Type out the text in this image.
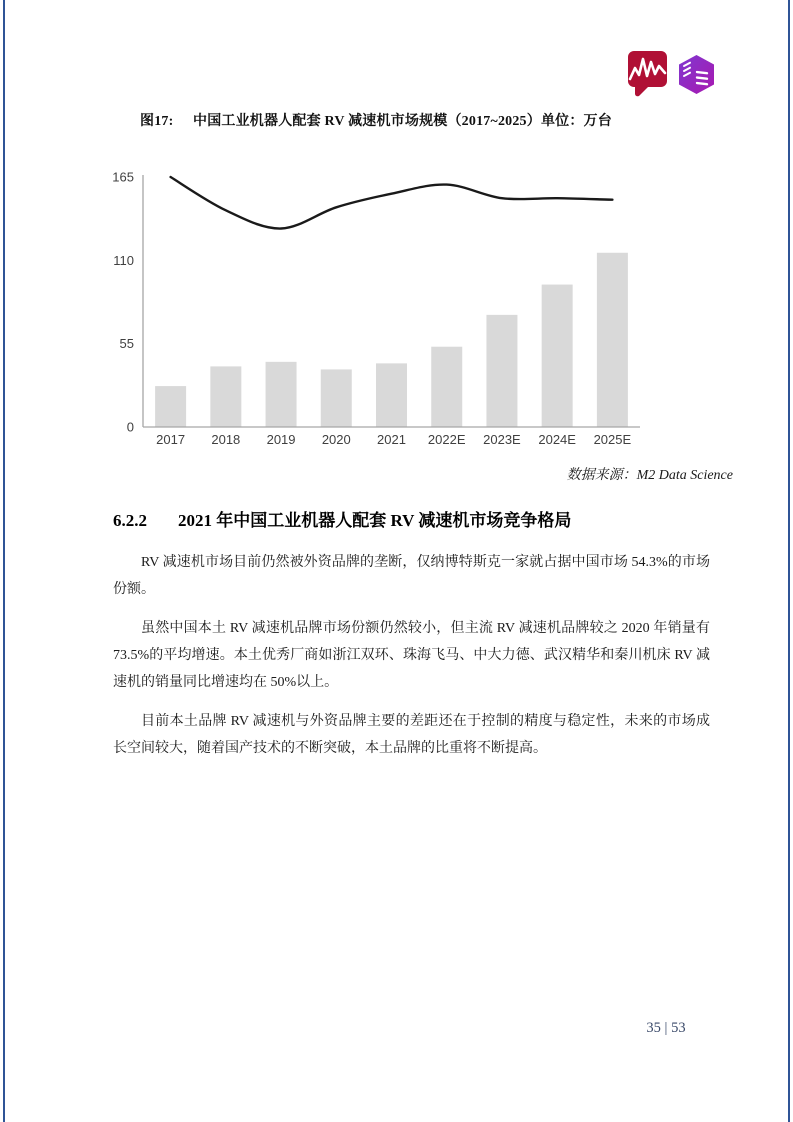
图17: 中国工业机器人配套 RV 减速机市场规模（2017~2025）单位：万台
2017 2018 2019 2020 2021 2022E 2023E 2024E 2025E
0
55
110
165
数据来源：M2 Data Science
6.2.2 2021 年中国工业机器人配套 RV 减速机市场竞争格局

RV 减速机市场目前仍然被外资品牌的垄断，仅纳博特斯克一家就占据中国市场 54.3%的市场份额。

虽然中国本土 RV 减速机品牌市场份额仍然较小，但主流 RV 减速机品牌较之 2020 年销量有 73.5%的平均增速。本土优秀厂商如浙江双环、珠海飞马、中大力德、武汉精华和秦川机床 RV 减速机的销量同比增速均在 50%以上。

目前本土品牌 RV 减速机与外资品牌主要的差距还在于控制的精度与稳定性，未来的市场成长空间较大，随着国产技术的不断突破，本土品牌的比重将不断提高。

35 | 53
